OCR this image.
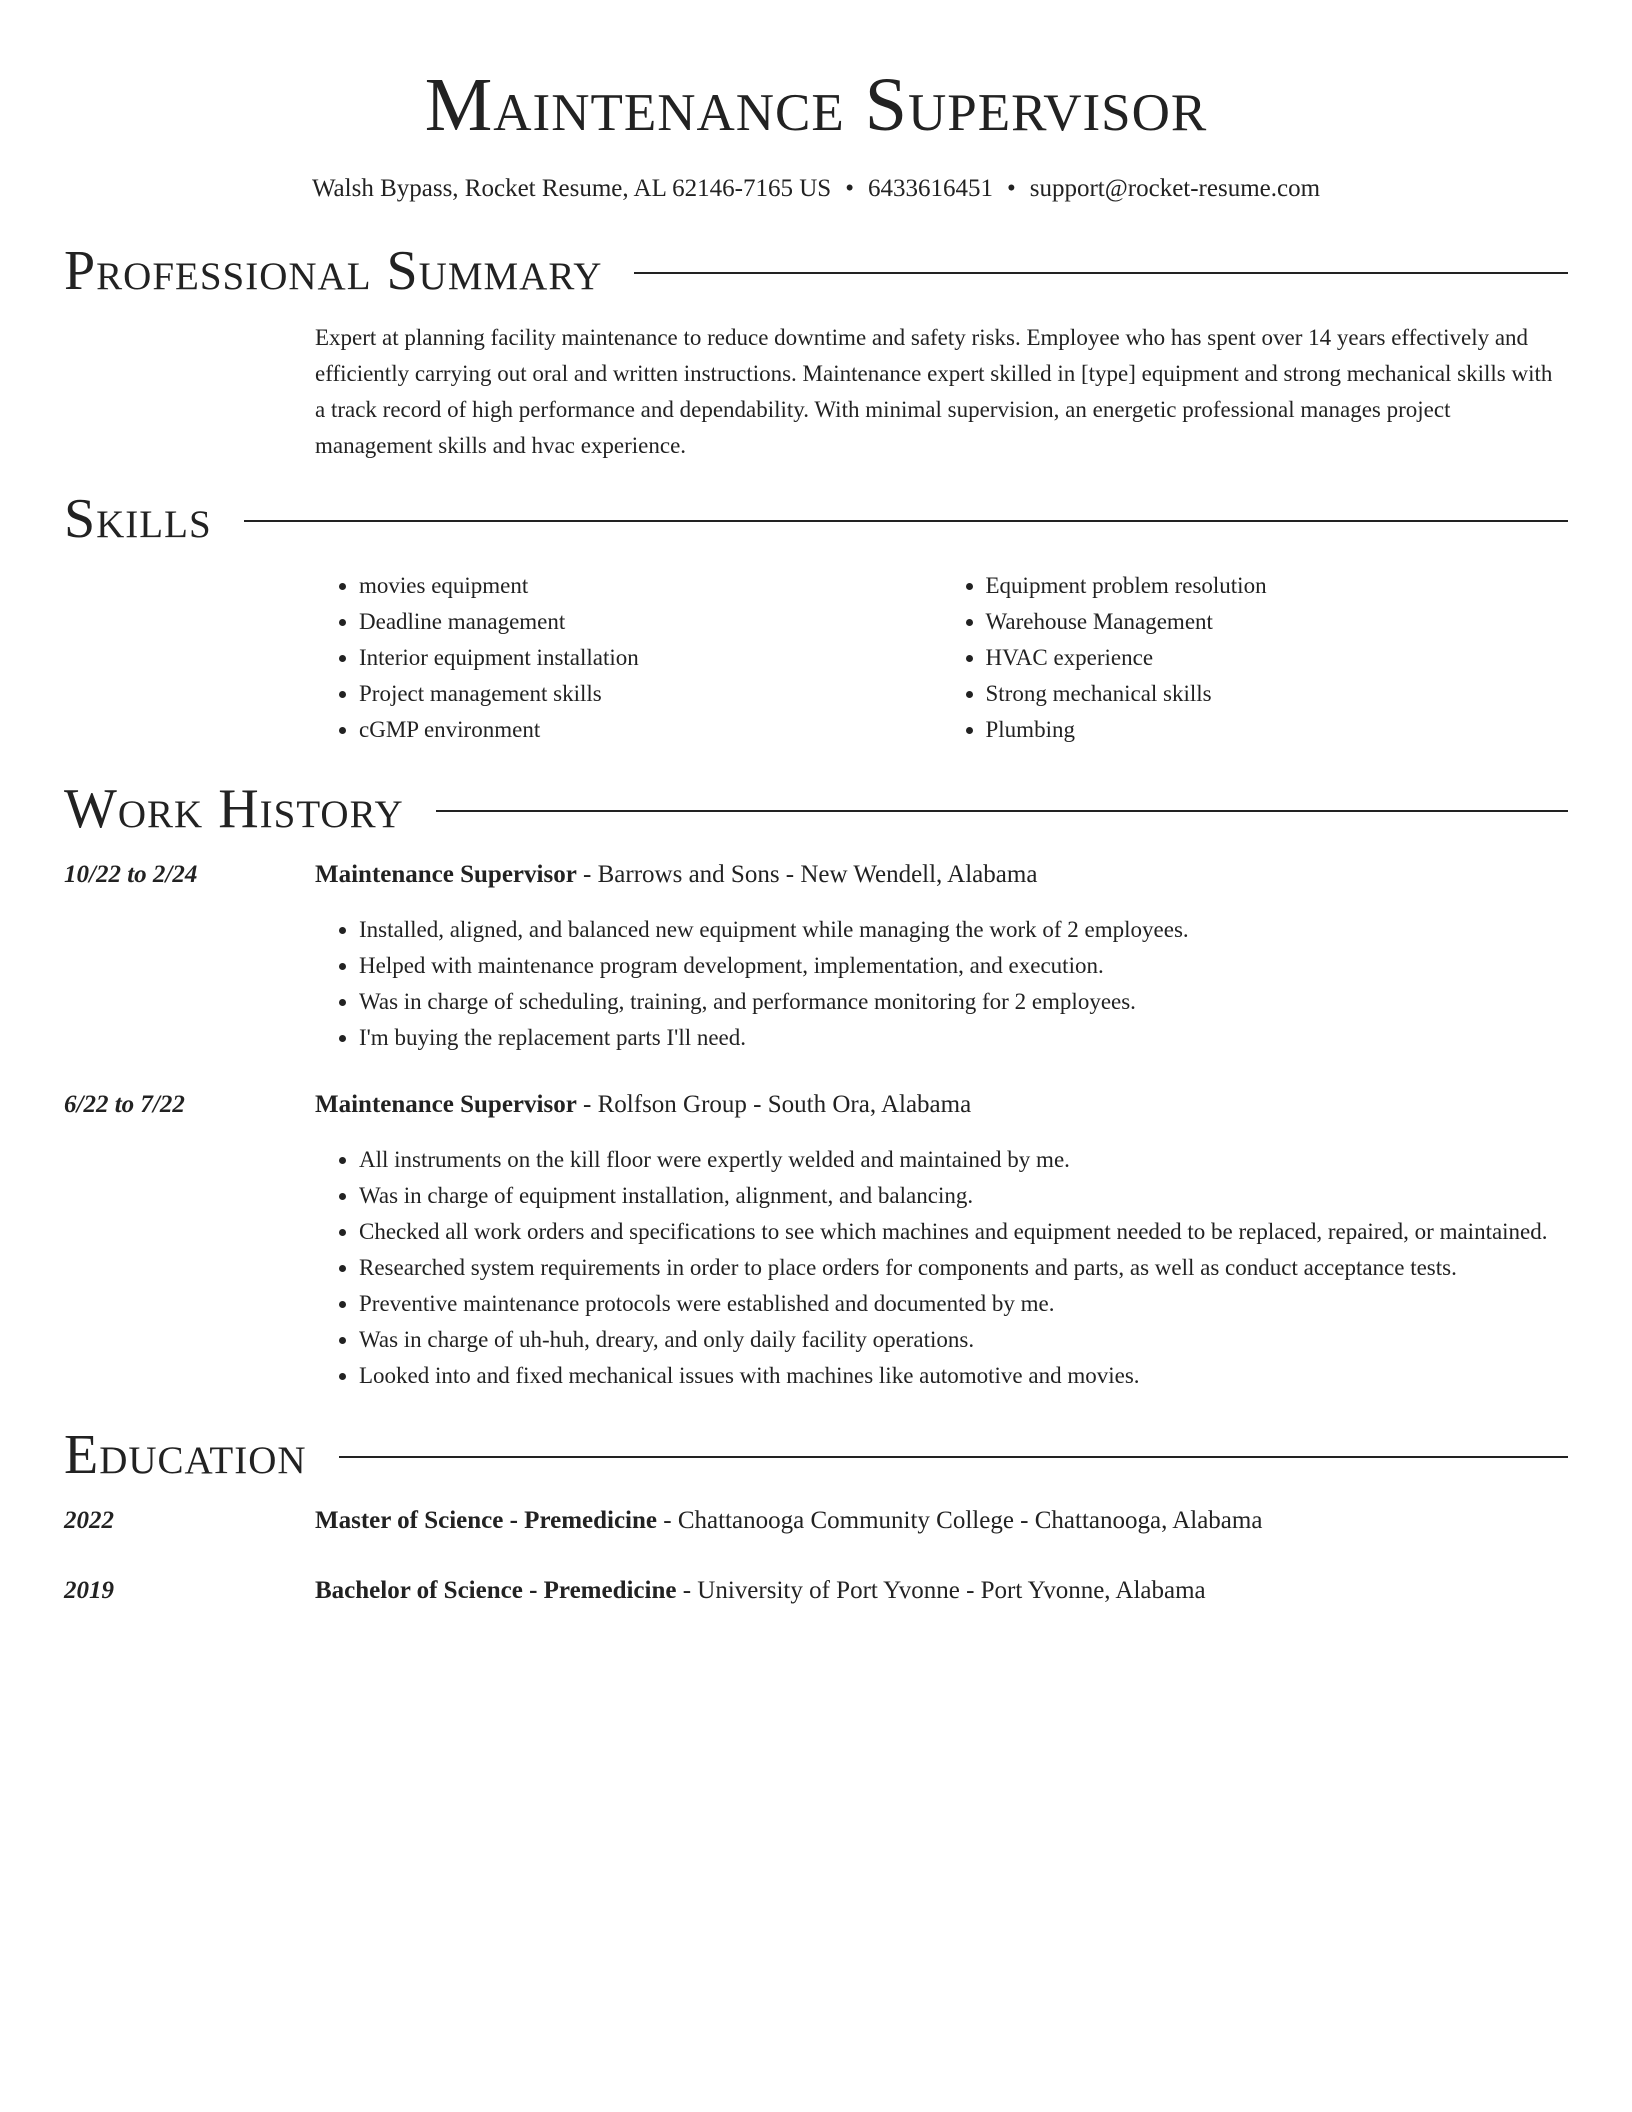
Maintenance Supervisor
Walsh Bypass, Rocket Resume, AL 62146-7165 US • 6433616451 • support@rocket-resume.com
Professional Summary
Expert at planning facility maintenance to reduce downtime and safety risks. Employee who has spent over 14 years effectively and efficiently carrying out oral and written instructions. Maintenance expert skilled in [type] equipment and strong mechanical skills with a track record of high performance and dependability. With minimal supervision, an energetic professional manages project management skills and hvac experience.
Skills
• movies equipment
• Deadline management
• Interior equipment installation
• Project management skills
• cGMP environment
• Equipment problem resolution
• Warehouse Management
• HVAC experience
• Strong mechanical skills
• Plumbing
Work History
10/22 to 2/24	Maintenance Supervisor - Barrows and Sons - New Wendell, Alabama
• Installed, aligned, and balanced new equipment while managing the work of 2 employees.
• Helped with maintenance program development, implementation, and execution.
• Was in charge of scheduling, training, and performance monitoring for 2 employees.
• I'm buying the replacement parts I'll need.
6/22 to 7/22	Maintenance Supervisor - Rolfson Group - South Ora, Alabama
• All instruments on the kill floor were expertly welded and maintained by me.
• Was in charge of equipment installation, alignment, and balancing.
• Checked all work orders and specifications to see which machines and equipment needed to be replaced, repaired, or maintained.
• Researched system requirements in order to place orders for components and parts, as well as conduct acceptance tests.
• Preventive maintenance protocols were established and documented by me.
• Was in charge of uh-huh, dreary, and only daily facility operations.
• Looked into and fixed mechanical issues with machines like automotive and movies.
Education
2022	Master of Science - Premedicine - Chattanooga Community College - Chattanooga, Alabama
2019	Bachelor of Science - Premedicine - University of Port Yvonne - Port Yvonne, Alabama
